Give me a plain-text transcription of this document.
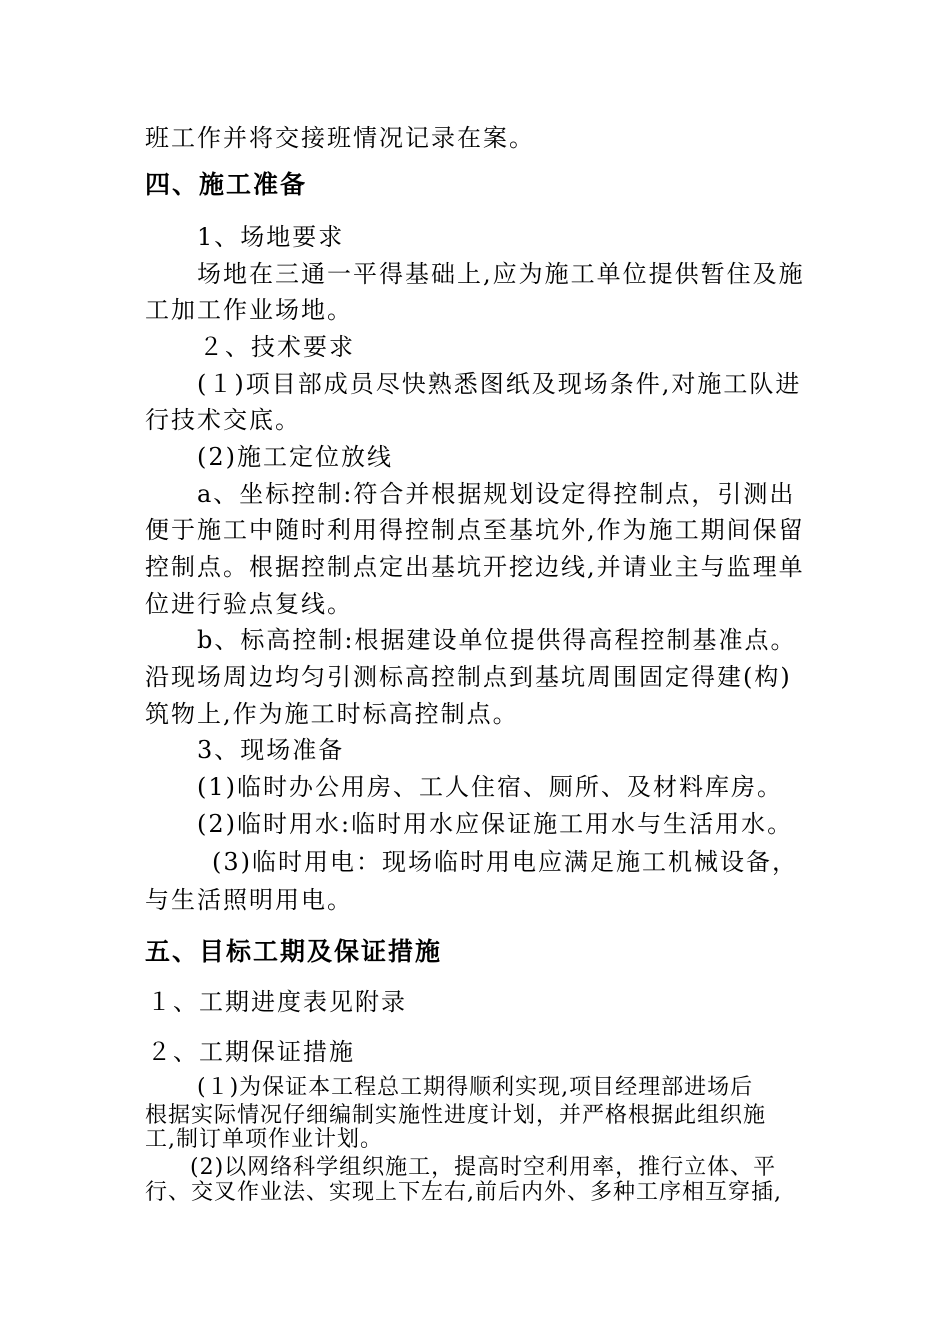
班工作并将交接班情况记录在案。
四、施工准备
1、场地要求
场地在三通一平得基础上,应为施工单位提供暂住及施
工加工作业场地。
２、技术要求
(１)项目部成员尽快熟悉图纸及现场条件,对施工队进
行技术交底。
(2)施工定位放线
a、坐标控制:符合并根据规划设定得控制点，引测出
便于施工中随时利用得控制点至基坑外,作为施工期间保留
控制点。根据控制点定出基坑开挖边线,并请业主与监理单
位进行验点复线。
b、标高控制:根据建设单位提供得高程控制基准点。
沿现场周边均匀引测标高控制点到基坑周围固定得建(构)
筑物上,作为施工时标高控制点。
3、现场准备
(1)临时办公用房、工人住宿、厕所、及材料库房。
(2)临时用水:临时用水应保证施工用水与生活用水。
(3)临时用电：现场临时用电应满足施工机械设备，
与生活照明用电。
五、目标工期及保证措施
１、工期进度表见附录
２、工期保证措施
(１)为保证本工程总工期得顺利实现,项目经理部进场后
根据实际情况仔细编制实施性进度计划，并严格根据此组织施
工,制订单项作业计划。
(2)以网络科学组织施工，提高时空利用率，推行立体、平
行、交叉作业法、实现上下左右,前后内外、多种工序相互穿插,
